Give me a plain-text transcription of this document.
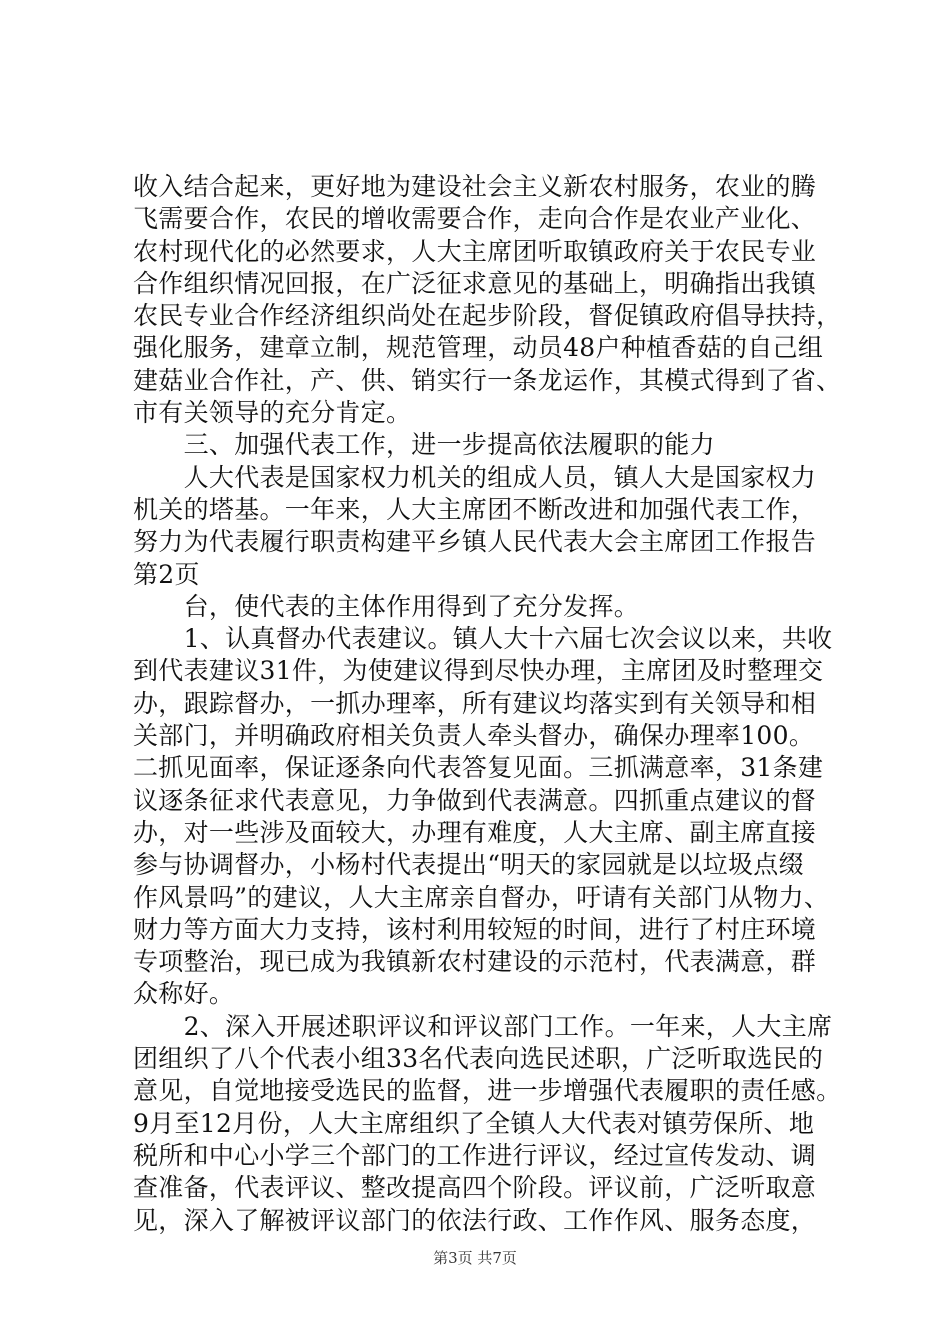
收入结合起来，更好地为建设社会主义新农村服务，农业的腾
飞需要合作，农民的增收需要合作，走向合作是农业产业化、
农村现代化的必然要求，人大主席团听取镇政府关于农民专业
合作组织情况回报，在广泛征求意见的基础上，明确指出我镇
农民专业合作经济组织尚处在起步阶段，督促镇政府倡导扶持，
强化服务，建章立制，规范管理，动员48户种植香菇的自己组
建菇业合作社，产、供、销实行一条龙运作，其模式得到了省、
市有关领导的充分肯定。
　　三、加强代表工作，进一步提高依法履职的能力
　　人大代表是国家权力机关的组成人员，镇人大是国家权力
机关的塔基。一年来，人大主席团不断改进和加强代表工作，
努力为代表履行职责构建平乡镇人民代表大会主席团工作报告
第2页
　　台，使代表的主体作用得到了充分发挥。
　　1、认真督办代表建议。镇人大十六届七次会议以来，共收
到代表建议31件，为使建议得到尽快办理，主席团及时整理交
办，跟踪督办，一抓办理率，所有建议均落实到有关领导和相
关部门，并明确政府相关负责人牵头督办，确保办理率100。
二抓见面率，保证逐条向代表答复见面。三抓满意率，31条建
议逐条征求代表意见，力争做到代表满意。四抓重点建议的督
办，对一些涉及面较大，办理有难度，人大主席、副主席直接
参与协调督办，小杨村代表提出“明天的家园就是以垃圾点缀
作风景吗”的建议，人大主席亲自督办，吁请有关部门从物力、
财力等方面大力支持，该村利用较短的时间，进行了村庄环境
专项整治，现已成为我镇新农村建设的示范村，代表满意，群
众称好。
　　2、深入开展述职评议和评议部门工作。一年来，人大主席
团组织了八个代表小组33名代表向选民述职，广泛听取选民的
意见，自觉地接受选民的监督，进一步增强代表履职的责任感。
9月至12月份，人大主席组织了全镇人大代表对镇劳保所、地
税所和中心小学三个部门的工作进行评议，经过宣传发动、调
查准备，代表评议、整改提高四个阶段。评议前，广泛听取意
见，深入了解被评议部门的依法行政、工作作风、服务态度，
第3页 共7页
